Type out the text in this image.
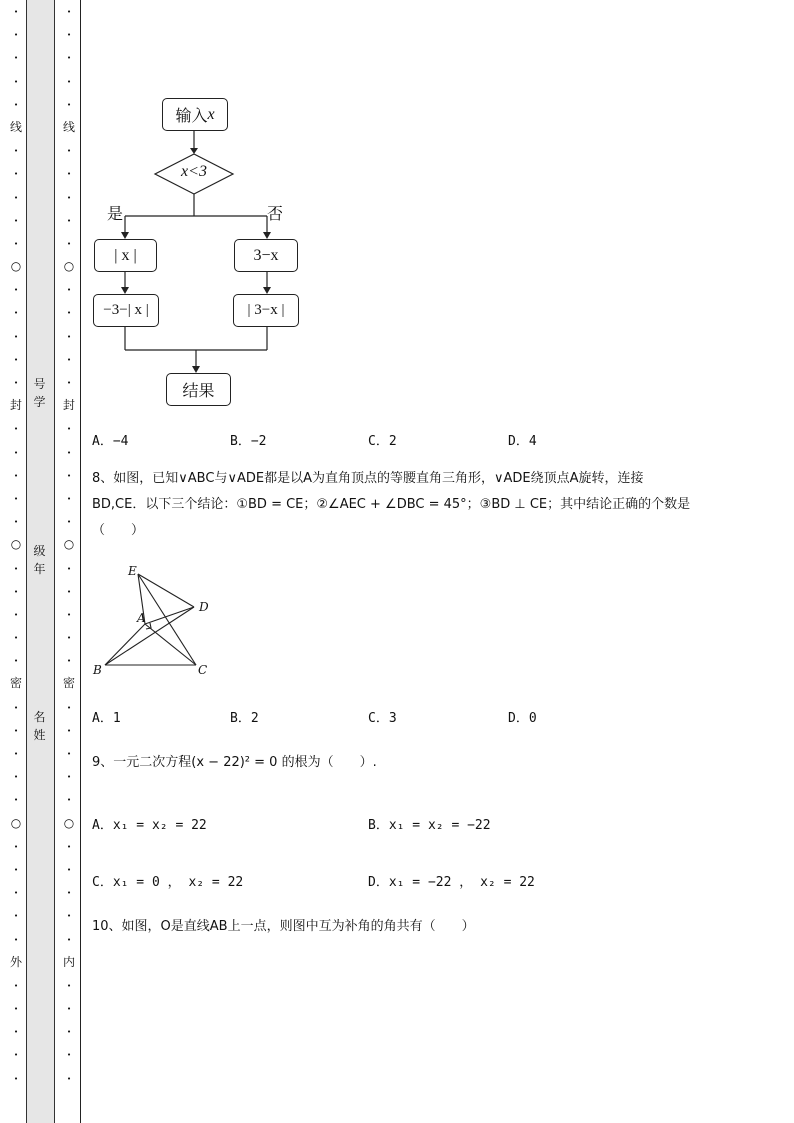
·
·
·
·
·
线
·
·
·
·
·
○
·
·
·
·
·
封
·
·
·
·
·
○
·
·
·
·
·
密
·
·
·
·
·
○
·
·
·
·
·
外
·
·
·
·
·
·
·
·
·
·
线
·
·
·
·
·
○
·
·
·
·
·
封
·
·
·
·
·
○
·
·
·
·
·
密
·
·
·
·
·
○
·
·
·
·
·
内
·
·
·
·
·
号
学
级
年
名
姓
输入 x
x<3
是	否
| x |	3−x
−3−| x |	| 3−x |
结果
A．−4	B．−2	C．2	D．4
8、如图，已知∨ABC与∨ADE都是以A为直角顶点的等腰直角三角形，∨ADE绕顶点A旋转，连接
BD,CE．以下三个结论：①BD = CE；②∠AEC + ∠DBC = 45°；③BD ⊥ CE；其中结论正确的个数是
（　　）
E
D
A
B	C
A．1	B．2	C．3	D．0
9、一元二次方程(x − 22)² = 0 的根为（　　）.
A．x₁ = x₂ = 22	B．x₁ = x₂ = −22
C．x₁ = 0 ， x₂ = 22	D．x₁ = −22 ， x₂ = 22
10、如图，O是直线AB上一点，则图中互为补角的角共有（　　）
